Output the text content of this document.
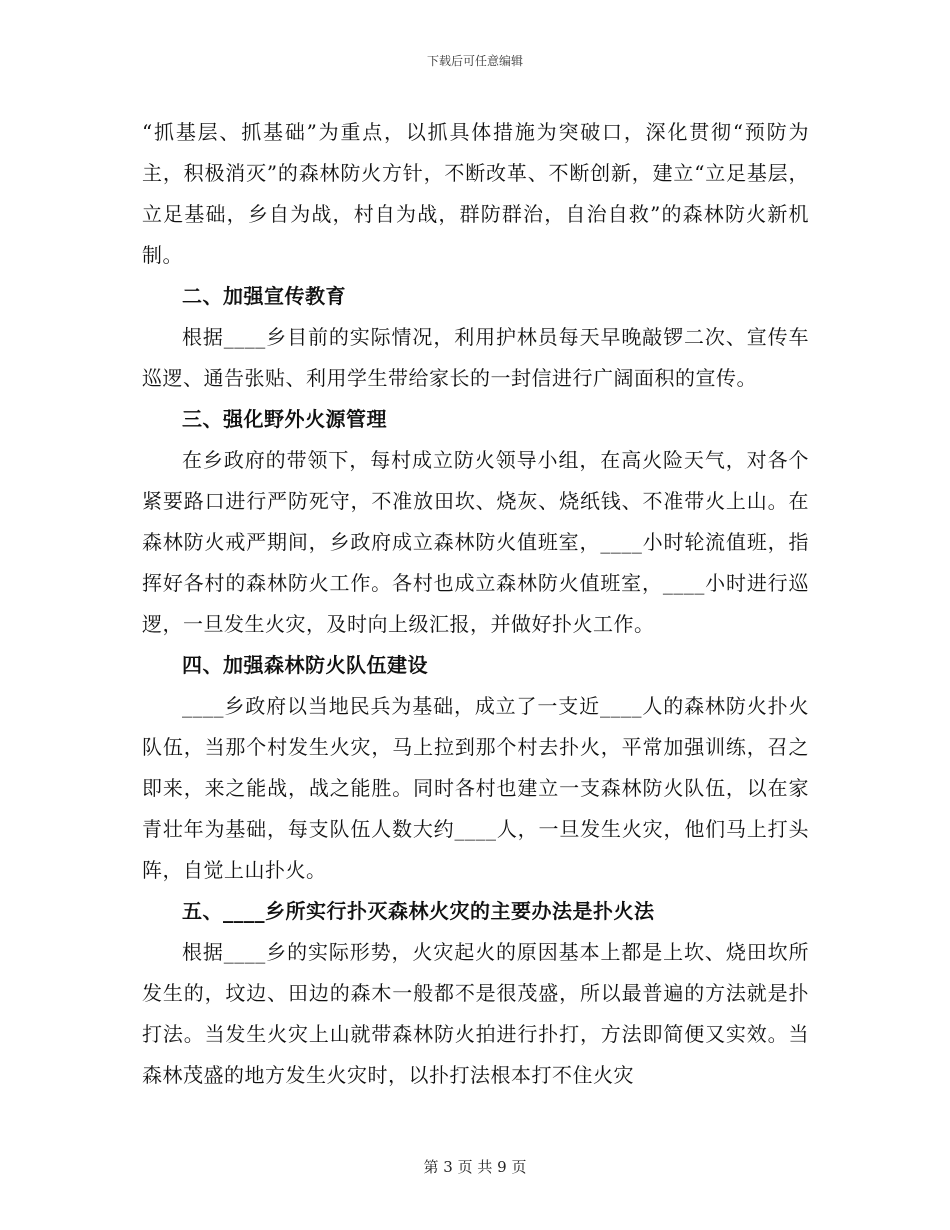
下载后可任意编辑

“抓基层、抓基础”为重点，以抓具体措施为突破口，深化贯彻“预防为主，积极消灭”的森林防火方针，不断改革、不断创新，建立“立足基层，立足基础，乡自为战，村自为战，群防群治，自治自救”的森林防火新机制。

二、加强宣传教育

根据____乡目前的实际情况，利用护林员每天早晚敲锣二次、宣传车巡逻、通告张贴、利用学生带给家长的一封信进行广阔面积的宣传。

三、强化野外火源管理

在乡政府的带领下，每村成立防火领导小组，在高火险天气，对各个紧要路口进行严防死守，不准放田坎、烧灰、烧纸钱、不准带火上山。在森林防火戒严期间，乡政府成立森林防火值班室，____小时轮流值班，指挥好各村的森林防火工作。各村也成立森林防火值班室，____小时进行巡逻，一旦发生火灾，及时向上级汇报，并做好扑火工作。

四、加强森林防火队伍建设

____乡政府以当地民兵为基础，成立了一支近____人的森林防火扑火队伍，当那个村发生火灾，马上拉到那个村去扑火，平常加强训练，召之即来，来之能战，战之能胜。同时各村也建立一支森林防火队伍，以在家青壮年为基础，每支队伍人数大约____人，一旦发生火灾，他们马上打头阵，自觉上山扑火。

五、____乡所实行扑灭森林火灾的主要办法是扑火法

根据____乡的实际形势，火灾起火的原因基本上都是上坎、烧田坎所发生的，坟边、田边的森木一般都不是很茂盛，所以最普遍的方法就是扑打法。当发生火灾上山就带森林防火拍进行扑打，方法即简便又实效。当森林茂盛的地方发生火灾时，以扑打法根本打不住火灾

第 3 页 共 9 页
